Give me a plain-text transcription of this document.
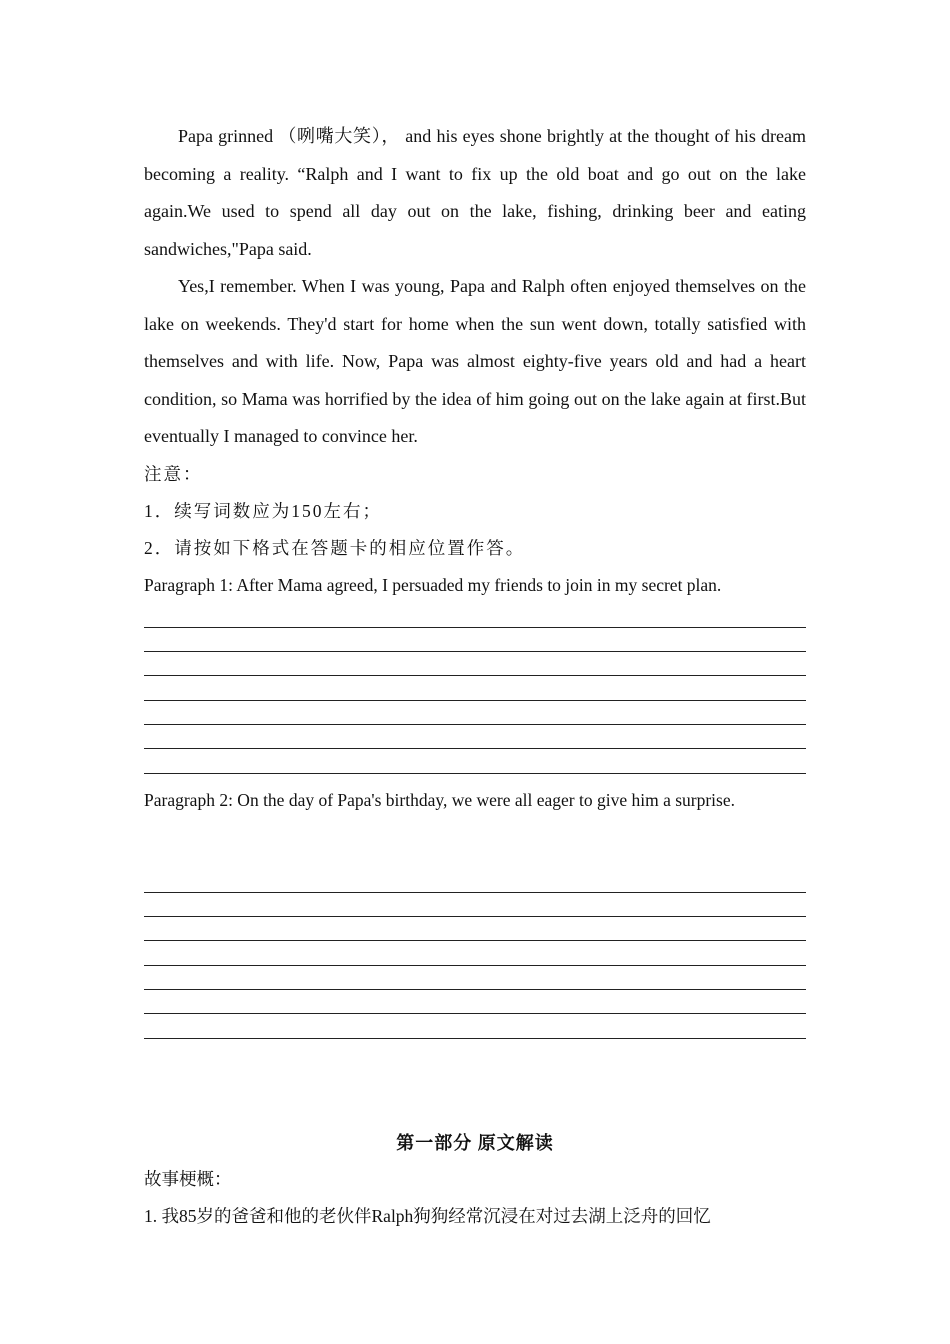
Papa grinned （咧嘴大笑）， and his eyes shone brightly at the thought of his dream becoming a reality. “Ralph and I want to fix up the old boat and go out on the lake again.We used to spend all day out on the lake, fishing, drinking beer and eating sandwiches,"Papa said.

Yes,I remember. When I was young, Papa and Ralph often enjoyed themselves on the lake on weekends. They'd start for home when the sun went down, totally satisfied with themselves and with life. Now, Papa was almost eighty-five years old and had a heart condition, so Mama was horrified by the idea of him going out on the lake again at first.But eventually I managed to convince her.

注意：

1．续写词数应为150左右；

2．请按如下格式在答题卡的相应位置作答。

Paragraph 1: After Mama agreed, I persuaded my friends to join in my secret plan.

Paragraph 2: On the day of Papa's birthday, we were all eager to give him a surprise.

第一部分 原文解读

故事梗概：

1. 我85岁的爸爸和他的老伙伴Ralph狗狗经常沉浸在对过去湖上泛舟的回忆
